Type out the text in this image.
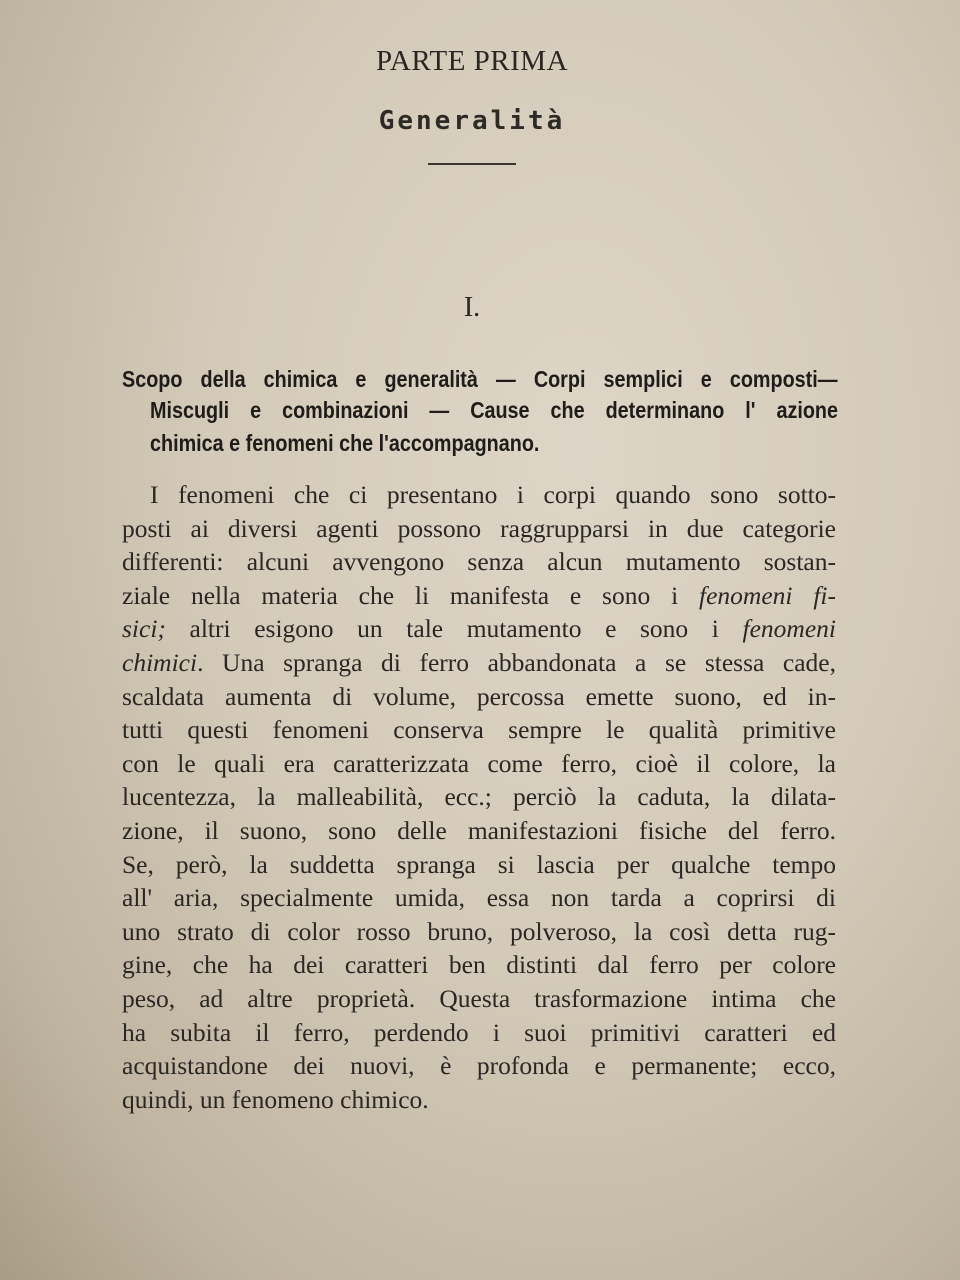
PARTE PRIMA
Generalità
I.
Scopo della chimica e generalità — Corpi semplici e composti—
Miscugli e combinazioni — Cause che determinano l' azione
chimica e fenomeni che l'accompagnano.
I fenomeni che ci presentano i corpi quando sono sotto-
posti ai diversi agenti possono raggrupparsi in due categorie
differenti: alcuni avvengono senza alcun mutamento sostan-
ziale nella materia che li manifesta e sono i fenomeni fi-
sici; altri esigono un tale mutamento e sono i fenomeni
chimici. Una spranga di ferro abbandonata a se stessa cade,
scaldata aumenta di volume, percossa emette suono, ed in-
tutti questi fenomeni conserva sempre le qualità primitive
con le quali era caratterizzata come ferro, cioè il colore, la
lucentezza, la malleabilità, ecc.; perciò la caduta, la dilata-
zione, il suono, sono delle manifestazioni fisiche del ferro.
Se, però, la suddetta spranga si lascia per qualche tempo
all' aria, specialmente umida, essa non tarda a coprirsi di
uno strato di color rosso bruno, polveroso, la così detta rug-
gine, che ha dei caratteri ben distinti dal ferro per colore
peso, ad altre proprietà. Questa trasformazione intima che
ha subita il ferro, perdendo i suoi primitivi caratteri ed
acquistandone dei nuovi, è profonda e permanente; ecco,
quindi, un fenomeno chimico.
